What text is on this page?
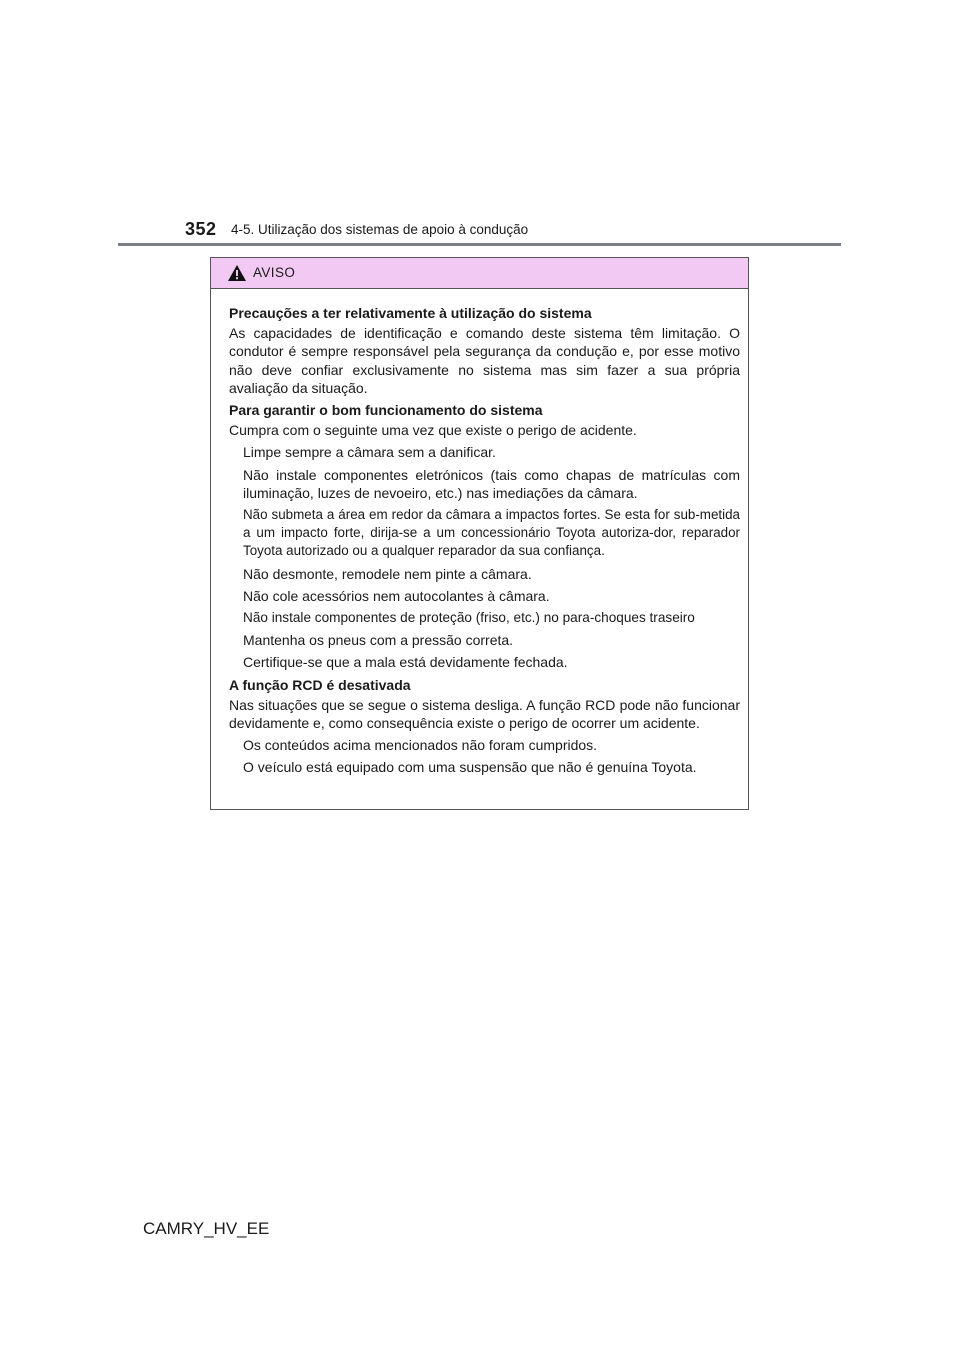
352 4-5. Utilização dos sistemas de apoio à condução
AVISO

Precauções a ter relativamente à utilização do sistema

As capacidades de identificação e comando deste sistema têm limitação. O condutor é sempre responsável pela segurança da condução e, por esse motivo não deve confiar exclusivamente no sistema mas sim fazer a sua própria avaliação da situação.

Para garantir o bom funcionamento do sistema

Cumpra com o seguinte uma vez que existe o perigo de acidente.

Limpe sempre a câmara sem a danificar.

Não instale componentes eletrónicos (tais como chapas de matrículas com iluminação, luzes de nevoeiro, etc.) nas imediações da câmara.

Não submeta a área em redor da câmara a impactos fortes. Se esta for sub-metida a um impacto forte, dirija-se a um concessionário Toyota autoriza-dor, reparador Toyota autorizado ou a qualquer reparador da sua confiança.

Não desmonte, remodele nem pinte a câmara.

Não cole acessórios nem autocolantes à câmara.

Não instale componentes de proteção (friso, etc.) no para-choques traseiro

Mantenha os pneus com a pressão correta.

Certifique-se que a mala está devidamente fechada.

A função RCD é desativada

Nas situações que se segue o sistema desliga. A função RCD pode não funcionar devidamente e, como consequência existe o perigo de ocorrer um acidente.

Os conteúdos acima mencionados não foram cumpridos.

O veículo está equipado com uma suspensão que não é genuína Toyota.

CAMRY_HV_EE
